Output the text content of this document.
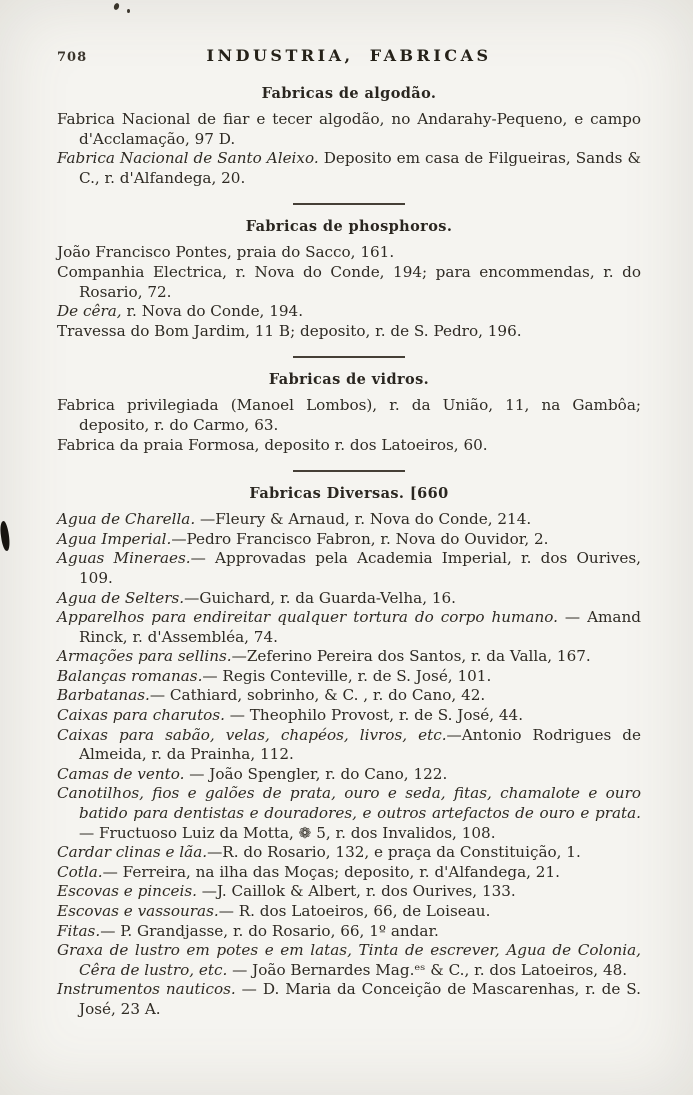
708	INDUSTRIA, FABRICAS
Fabricas de algodão.

Fabrica Nacional de fiar e tecer algodão, no Andarahy-Pequeno, e campo d'Acclamação, 97 D.

Fabrica Nacional de Santo Aleixo. Deposito em casa de Filgueiras, Sands & C., r. d'Alfandega, 20.

Fabricas de phosphoros.

João Francisco Pontes, praia do Sacco, 161.

Companhia Electrica, r. Nova do Conde, 194; para encommendas, r. do Rosario, 72.

De cêra, r. Nova do Conde, 194.

Travessa do Bom Jardim, 11 B; deposito, r. de S. Pedro, 196.

Fabricas de vidros.

Fabrica privilegiada (Manoel Lombos), r. da União, 11, na Gambôa; deposito, r. do Carmo, 63.

Fabrica da praia Formosa, deposito r. dos Latoeiros, 60.

Fabricas Diversas. [660

Agua de Charella. —Fleury & Arnaud, r. Nova do Conde, 214.

Agua Imperial.—Pedro Francisco Fabron, r. Nova do Ouvidor, 2.

Aguas Mineraes.— Approvadas pela Academia Imperial, r. dos Ourives, 109.

Agua de Selters.—Guichard, r. da Guarda-Velha, 16.

Apparelhos para endireitar qualquer tortura do corpo humano. — Amand Rinck, r. d'Assembléa, 74.

Armações para sellins.—Zeferino Pereira dos Santos, r. da Valla, 167.

Balanças romanas.— Regis Conteville, r. de S. José, 101.

Barbatanas.— Cathiard, sobrinho, & C. , r. do Cano, 42.

Caixas para charutos. — Theophilo Provost, r. de S. José, 44.

Caixas para sabão, velas, chapéos, livros, etc.—Antonio Rodrigues de Almeida, r. da Prainha, 112.

Camas de vento. — João Spengler, r. do Cano, 122.

Canotilhos, fios e galões de prata, ouro e seda, fitas, chamalote e ouro batido para dentistas e douradores, e outros artefactos de ouro e prata. — Fructuoso Luiz da Motta, ❁ 5, r. dos Invalidos, 108.

Cardar clinas e lãa.—R. do Rosario, 132, e praça da Constituição, 1.

Cotla.— Ferreira, na ilha das Moças; deposito, r. d'Alfandega, 21.

Escovas e pinceis. —J. Caillok & Albert, r. dos Ourives, 133.

Escovas e vassouras.— R. dos Latoeiros, 66, de Loiseau.

Fitas.— P. Grandjasse, r. do Rosario, 66, 1º andar.

Graxa de lustro em potes e em latas, Tinta de escrever, Agua de Colonia, Cêra de lustro, etc. — João Bernardes Mag.ᵉˢ & C., r. dos Latoeiros, 48.

Instrumentos nauticos. — D. Maria da Conceição de Mascarenhas, r. de S. José, 23 A.
